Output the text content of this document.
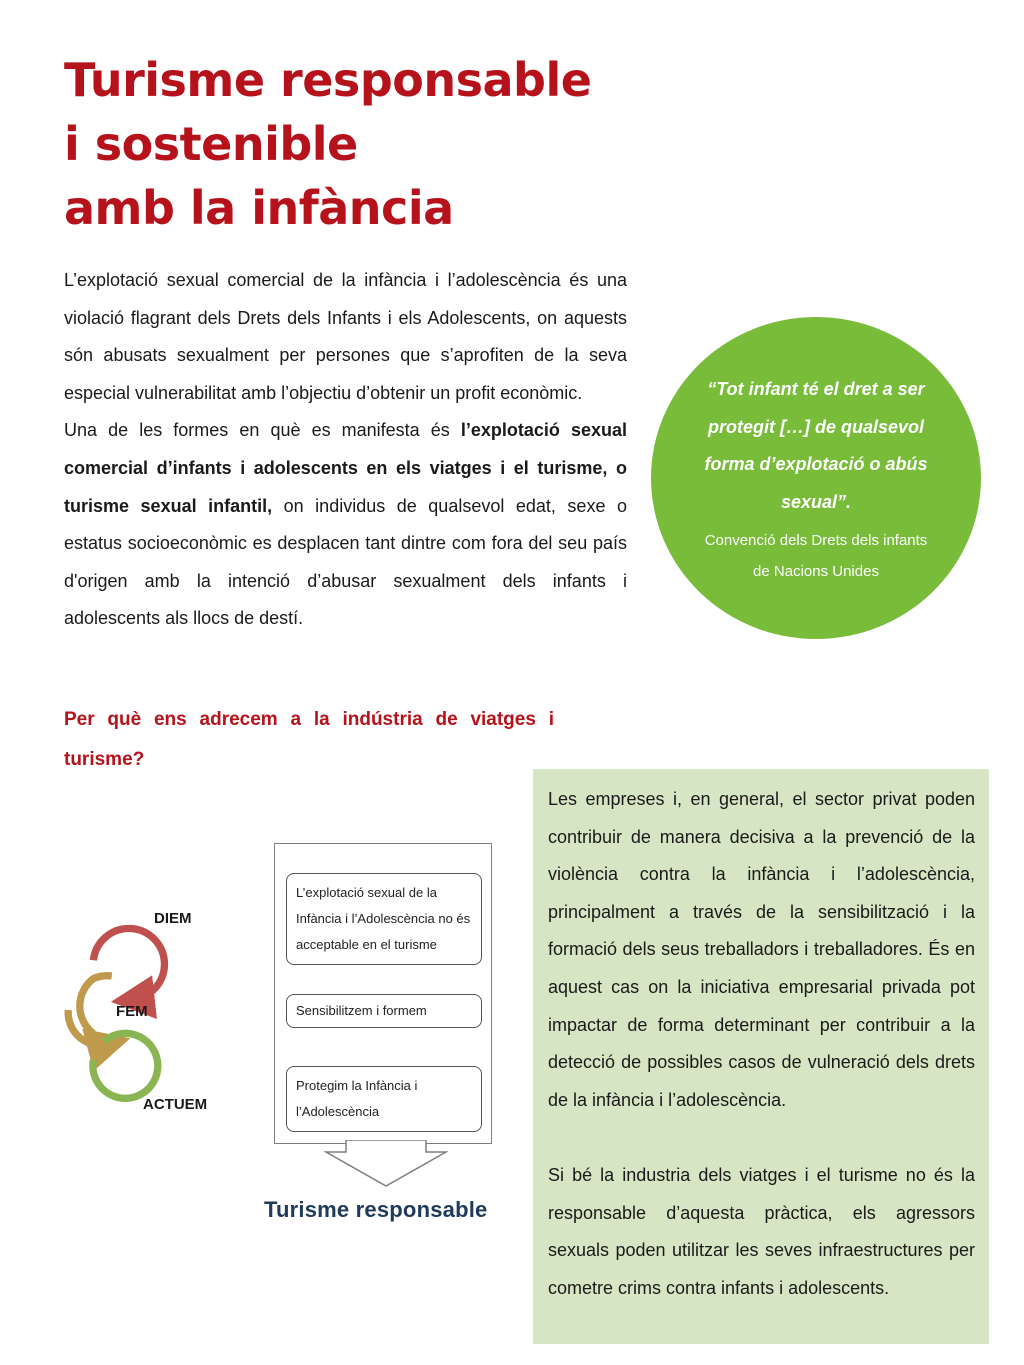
Turisme responsable
i sostenible
amb la infància

L’explotació sexual comercial de la infància i l’adolescència és una violació flagrant dels Drets dels Infants i els Adolescents, on aquests són abusats sexualment per persones que s’aprofiten de la seva especial vulnerabilitat amb l’objectiu d’obtenir un profit econòmic.

Una de les formes en què es manifesta és l’explotació sexual comercial d’infants i adolescents en els viatges i el turisme, o turisme sexual infantil, on individus de qualsevol edat, sexe o estatus socioeconòmic es desplacen tant dintre com fora del seu país d'origen amb la intenció d’abusar sexualment dels infants i adolescents als llocs de destí.

“Tot infant té el dret a ser protegit […] de qualsevol forma d’explotació o abús sexual”.

Convenció dels Drets dels infants de Nacions Unides

Per què ens adrecem a la indústria de viatges i turisme?
DIEM
FEM
ACTUEM
L’explotació sexual de la Infància i l’Adolescència no és acceptable en el turisme
Sensibilitzem i formem
Protegim la Infància i l’Adolescència

Turisme responsable

Les empreses i, en general, el sector privat poden contribuir de manera decisiva a la prevenció de la violència contra la infància i l’adolescència, principalment a través de la sensibilització i la formació dels seus treballadors i treballadores. És en aquest cas on la iniciativa empresarial privada pot impactar de forma determinant per contribuir a la detecció de possibles casos de vulneració dels drets de la infància i l’adolescència.

Si bé la industria dels viatges i el turisme no és la responsable d’aquesta pràctica, els agressors sexuals poden utilitzar les seves infraestructures per cometre crims contra infants i adolescents.
